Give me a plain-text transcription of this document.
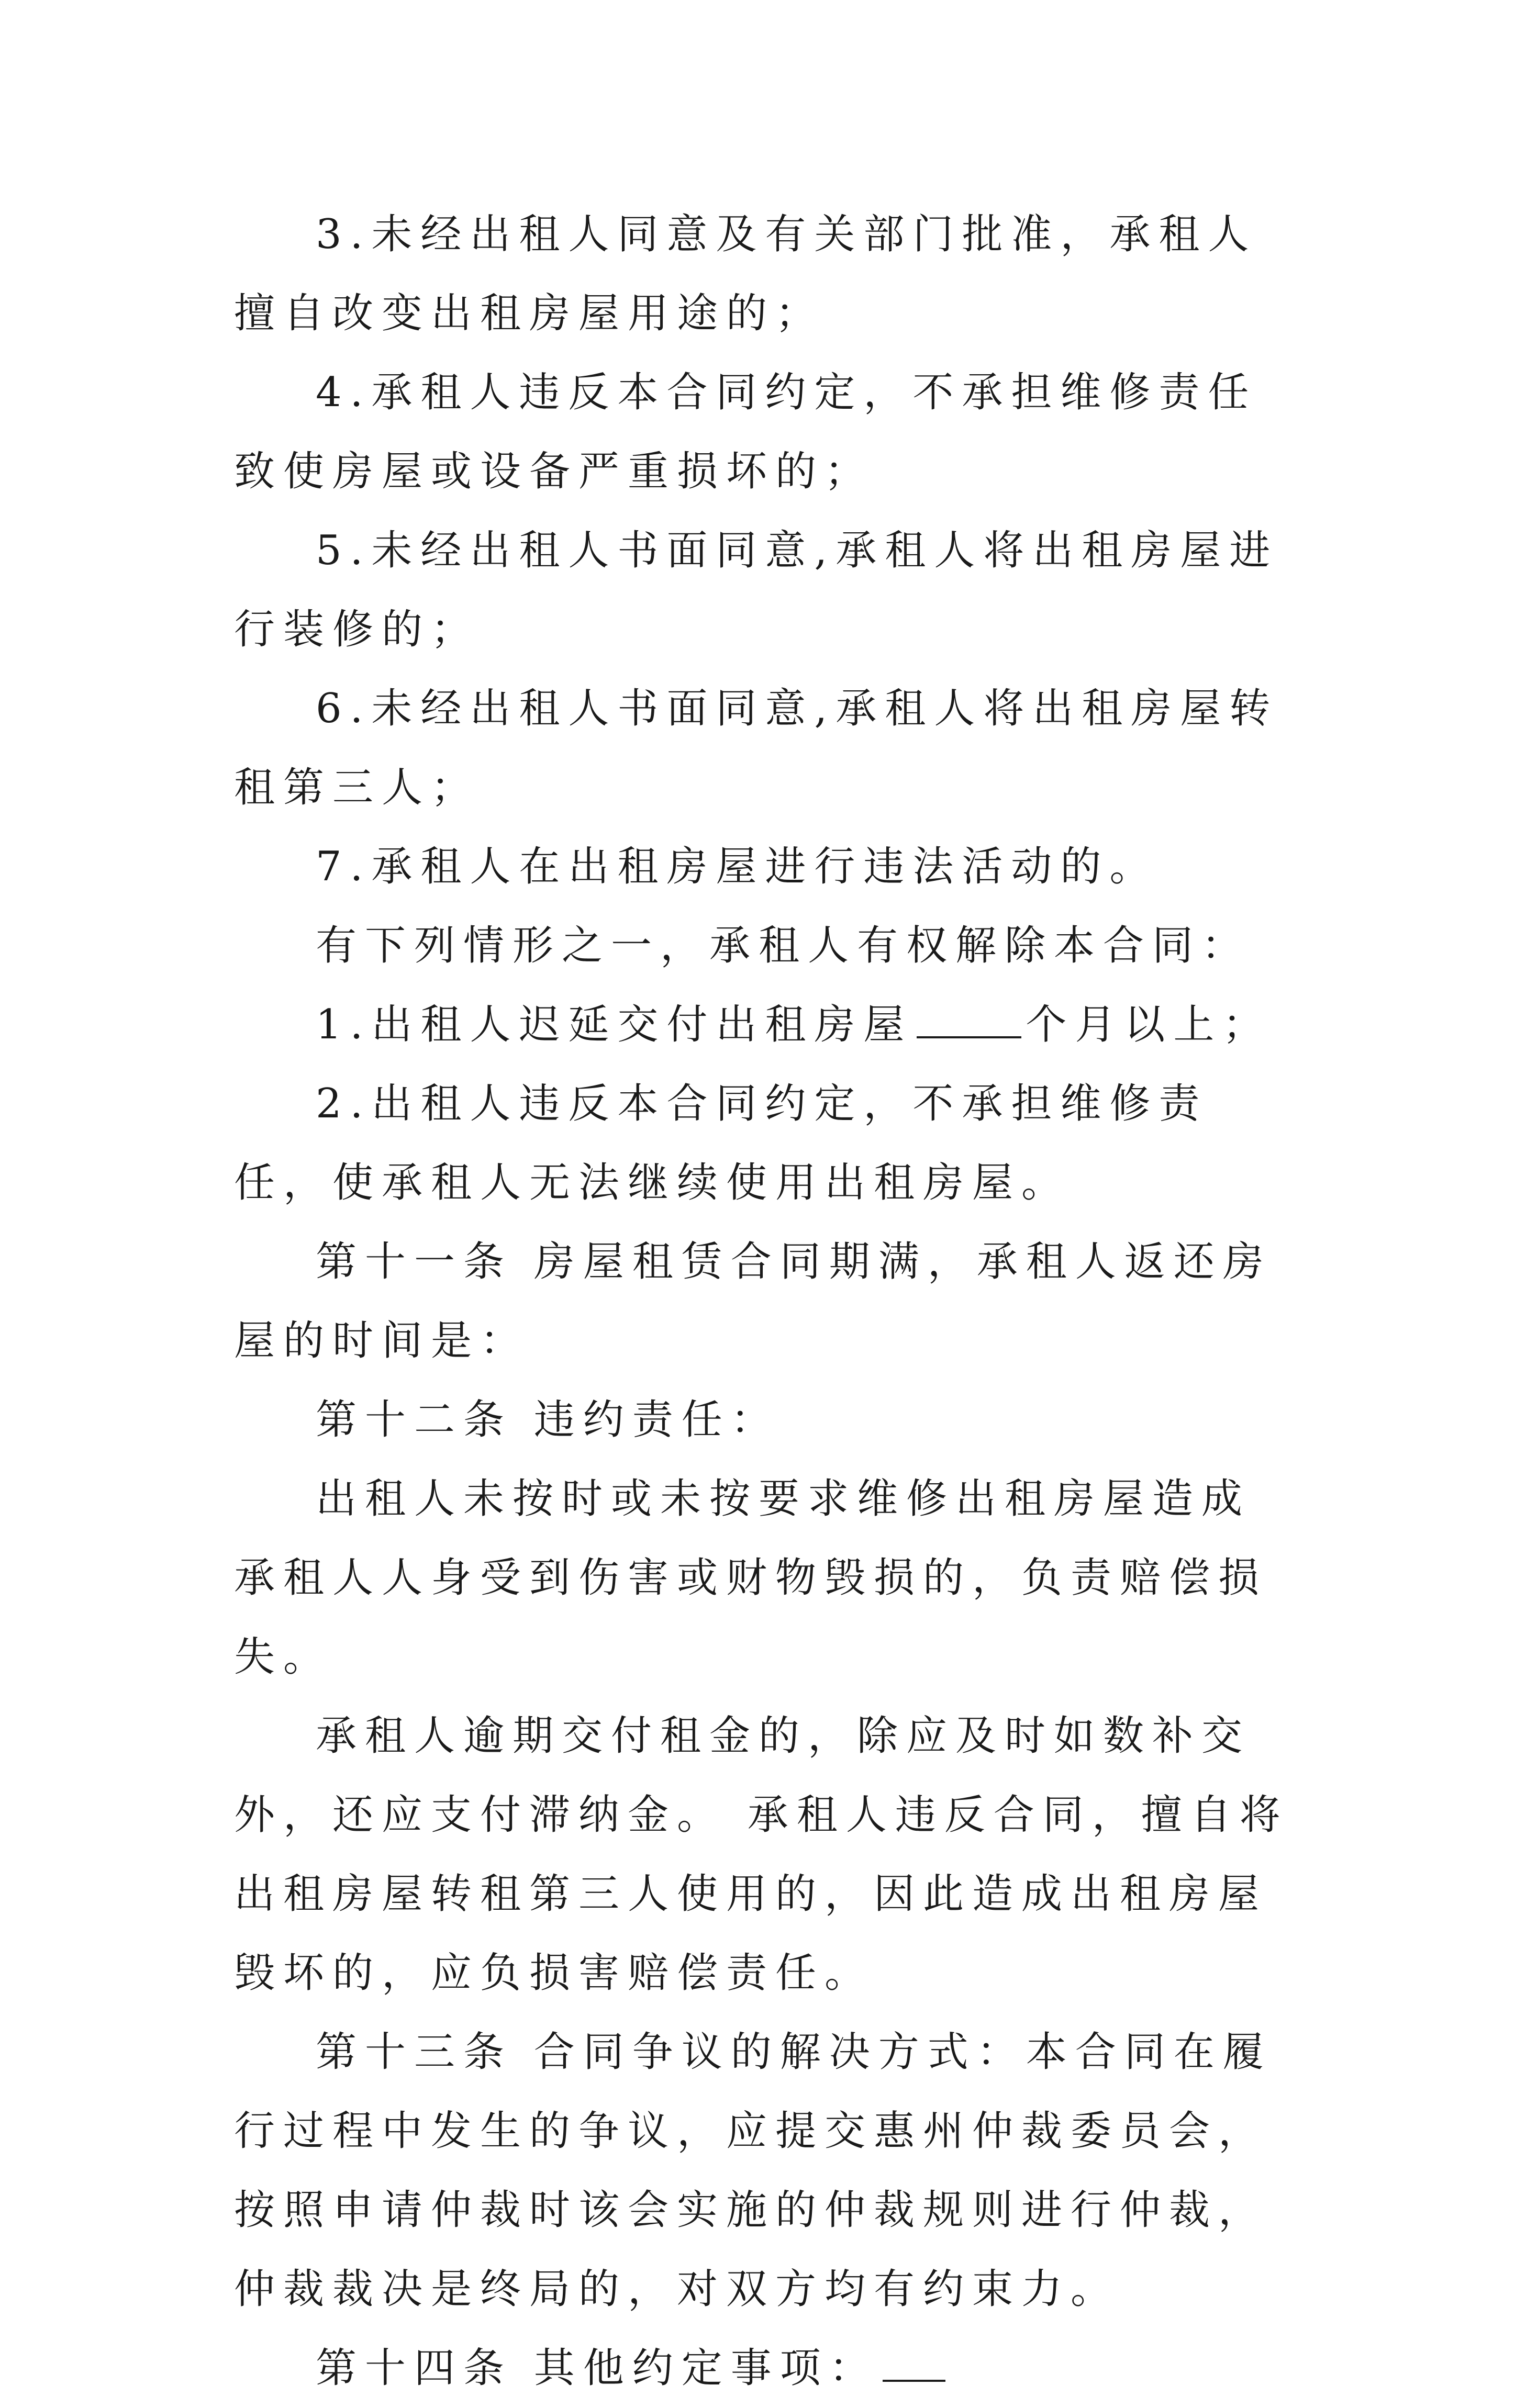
3.未经出租人同意及有关部门批准，承租人擅自改变出租房屋用途的；

4.承租人违反本合同约定，不承担维修责任致使房屋或设备严重损坏的；

5.未经出租人书面同意,承租人将出租房屋进行装修的；

6.未经出租人书面同意,承租人将出租房屋转租第三人；

7.承租人在出租房屋进行违法活动的。

有下列情形之一，承租人有权解除本合同：

1.出租人迟延交付出租房屋	个月以上；

2.出租人违反本合同约定，不承担维修责任，使承租人无法继续使用出租房屋。

第十一条 房屋租赁合同期满，承租人返还房屋的时间是：

第十二条 违约责任：

出租人未按时或未按要求维修出租房屋造成承租人人身受到伤害或财物毁损的，负责赔偿损失。

承租人逾期交付租金的，除应及时如数补交外，还应支付滞纳金。 承租人违反合同，擅自将出租房屋转租第三人使用的，因此造成出租房屋毁坏的，应负损害赔偿责任。

第十三条 合同争议的解决方式：本合同在履行过程中发生的争议，应提交惠州仲裁委员会，按照申请仲裁时该会实施的仲裁规则进行仲裁，仲裁裁决是终局的，对双方均有约束力。

第十四条 其他约定事项：
